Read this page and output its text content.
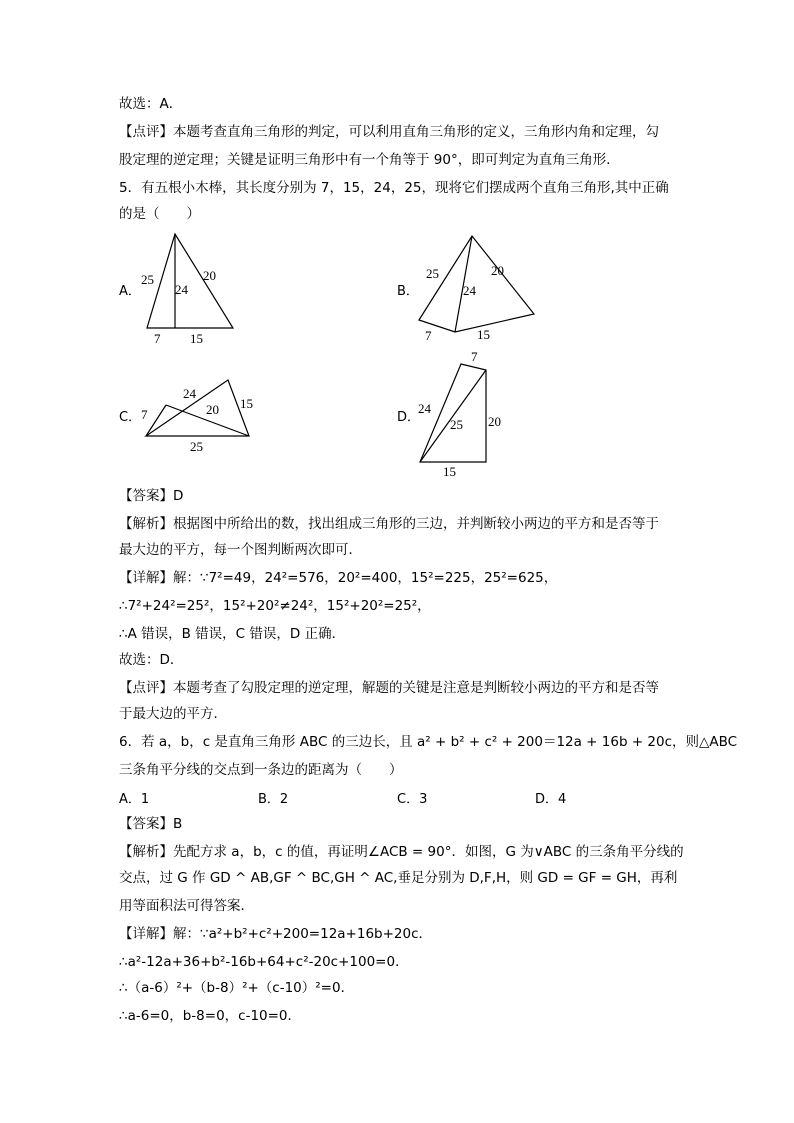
故选：A．
【点评】本题考查直角三角形的判定，可以利用直角三角形的定义，三角形内角和定理，勾
股定理的逆定理；关键是证明三角形中有一个角等于 90°，即可判定为直角三角形．
5．有五根小木棒，其长度分别为 7，15，24，25，现将它们摆成两个直角三角形,其中正确
的是（　　）
A．	B．
C．	D．
25
24
20
7 15
25	20
24
7	15
24
7	20 15
25
7
24
25 20
15
【答案】D
【解析】根据图中所给出的数，找出组成三角形的三边，并判断较小两边的平方和是否等于
最大边的平方，每一个图判断两次即可．
【详解】解：∵7²=49，24²=576，20²=400，15²=225，25²=625，
∴7²+24²=25²，15²+20²≠24²，15²+20²=25²，
∴A 错误，B 错误，C 错误，D 正确．
故选：D．
【点评】本题考查了勾股定理的逆定理，解题的关键是注意是判断较小两边的平方和是否等
于最大边的平方．
6．若 a，b，c 是直角三角形 ABC 的三边长，且 a² + b² + c² + 200＝12a + 16b + 20c，则△ABC
三条角平分线的交点到一条边的距离为（　　）
A．1	B．2	C．3	D．4
【答案】B
【解析】先配方求 a，b，c 的值，再证明∠ACB = 90°．如图，G 为∨ABC 的三条角平分线的
交点，过 G 作 GD ^ AB,GF ^ BC,GH ^ AC,垂足分别为 D,F,H，则 GD = GF = GH，再利
用等面积法可得答案．
【详解】解：∵a²+b²+c²+200=12a+16b+20c．
∴a²-12a+36+b²-16b+64+c²-20c+100=0．
∴（a-6）²+（b-8）²+（c-10）²=0．
∴a-6=0，b-8=0，c-10=0．
